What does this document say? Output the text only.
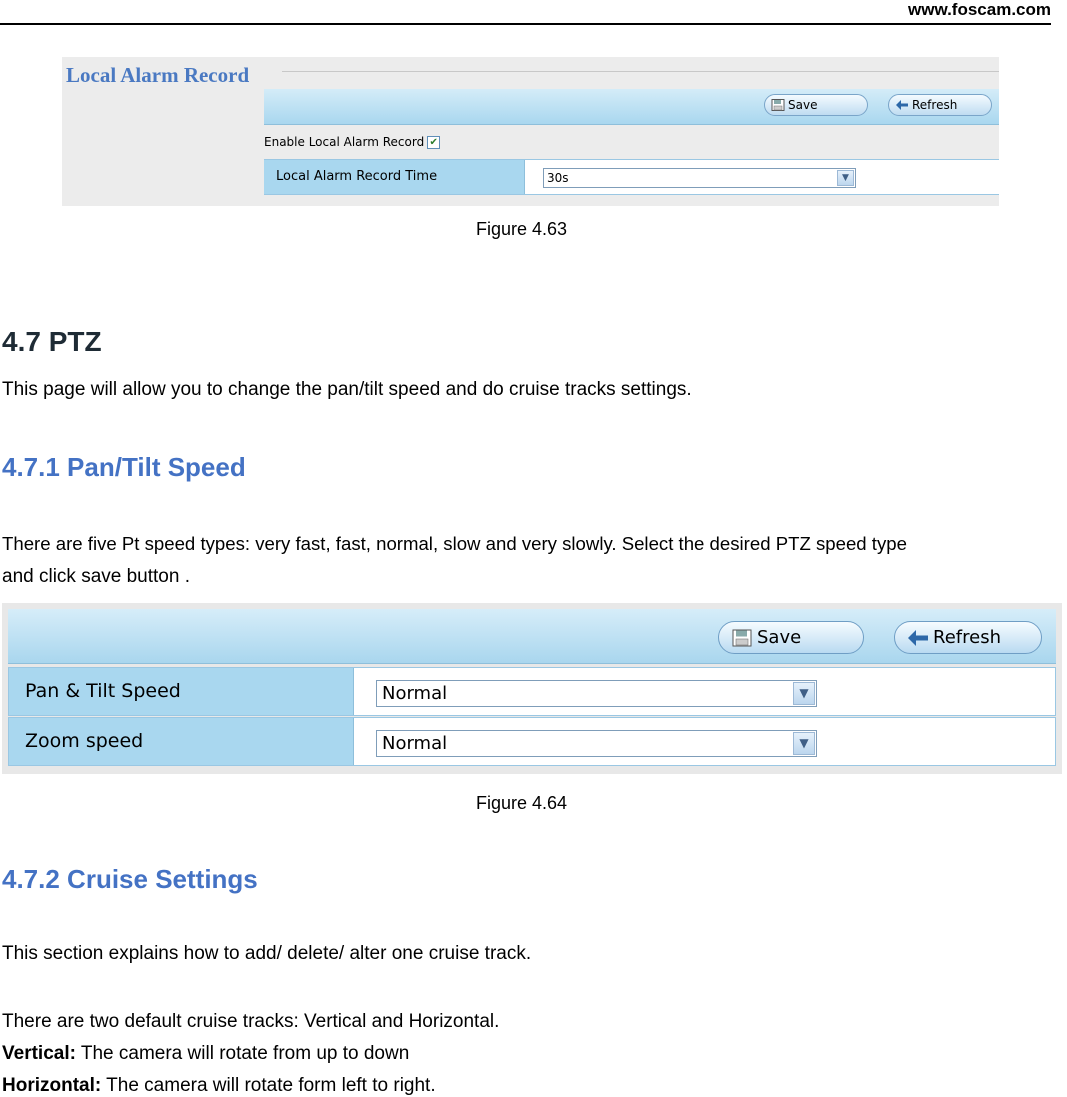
www.foscam.com
Local Alarm Record
Save	Refresh
Enable Local Alarm Record ✔
Local Alarm Record Time	30s	▼
Figure 4.63
4.7 PTZ
This page will allow you to change the pan/tilt speed and do cruise tracks settings.
4.7.1 Pan/Tilt Speed
There are five Pt speed types: very fast, fast, normal, slow and very slowly. Select the desired PTZ speed type
and click save button .
Save	Refresh
Pan & Tilt Speed	Normal	▼
Zoom speed	Normal	▼
Figure 4.64
4.7.2 Cruise Settings
This section explains how to add/ delete/ alter one cruise track.
There are two default cruise tracks: Vertical and Horizontal.
Vertical: The camera will rotate from up to down
Horizontal: The camera will rotate form left to right.
